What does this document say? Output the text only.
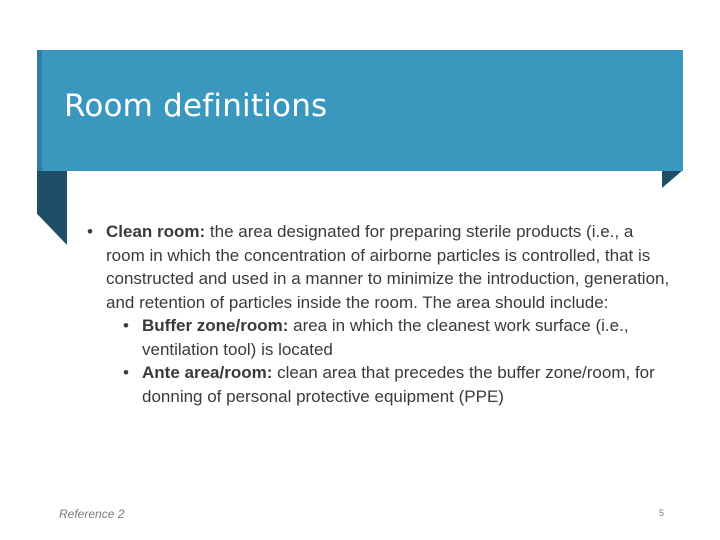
Room definitions

• Clean room: the area designated for preparing sterile products (i.e., a room in which the concentration of airborne particles is controlled, that is constructed and used in a manner to minimize the introduction, generation, and retention of particles inside the room. The area should include:

• Buffer zone/room: area in which the cleanest work surface (i.e., ventilation tool) is located

• Ante area/room: clean area that precedes the buffer zone/room, for donning of personal protective equipment (PPE)

Reference 2	5
